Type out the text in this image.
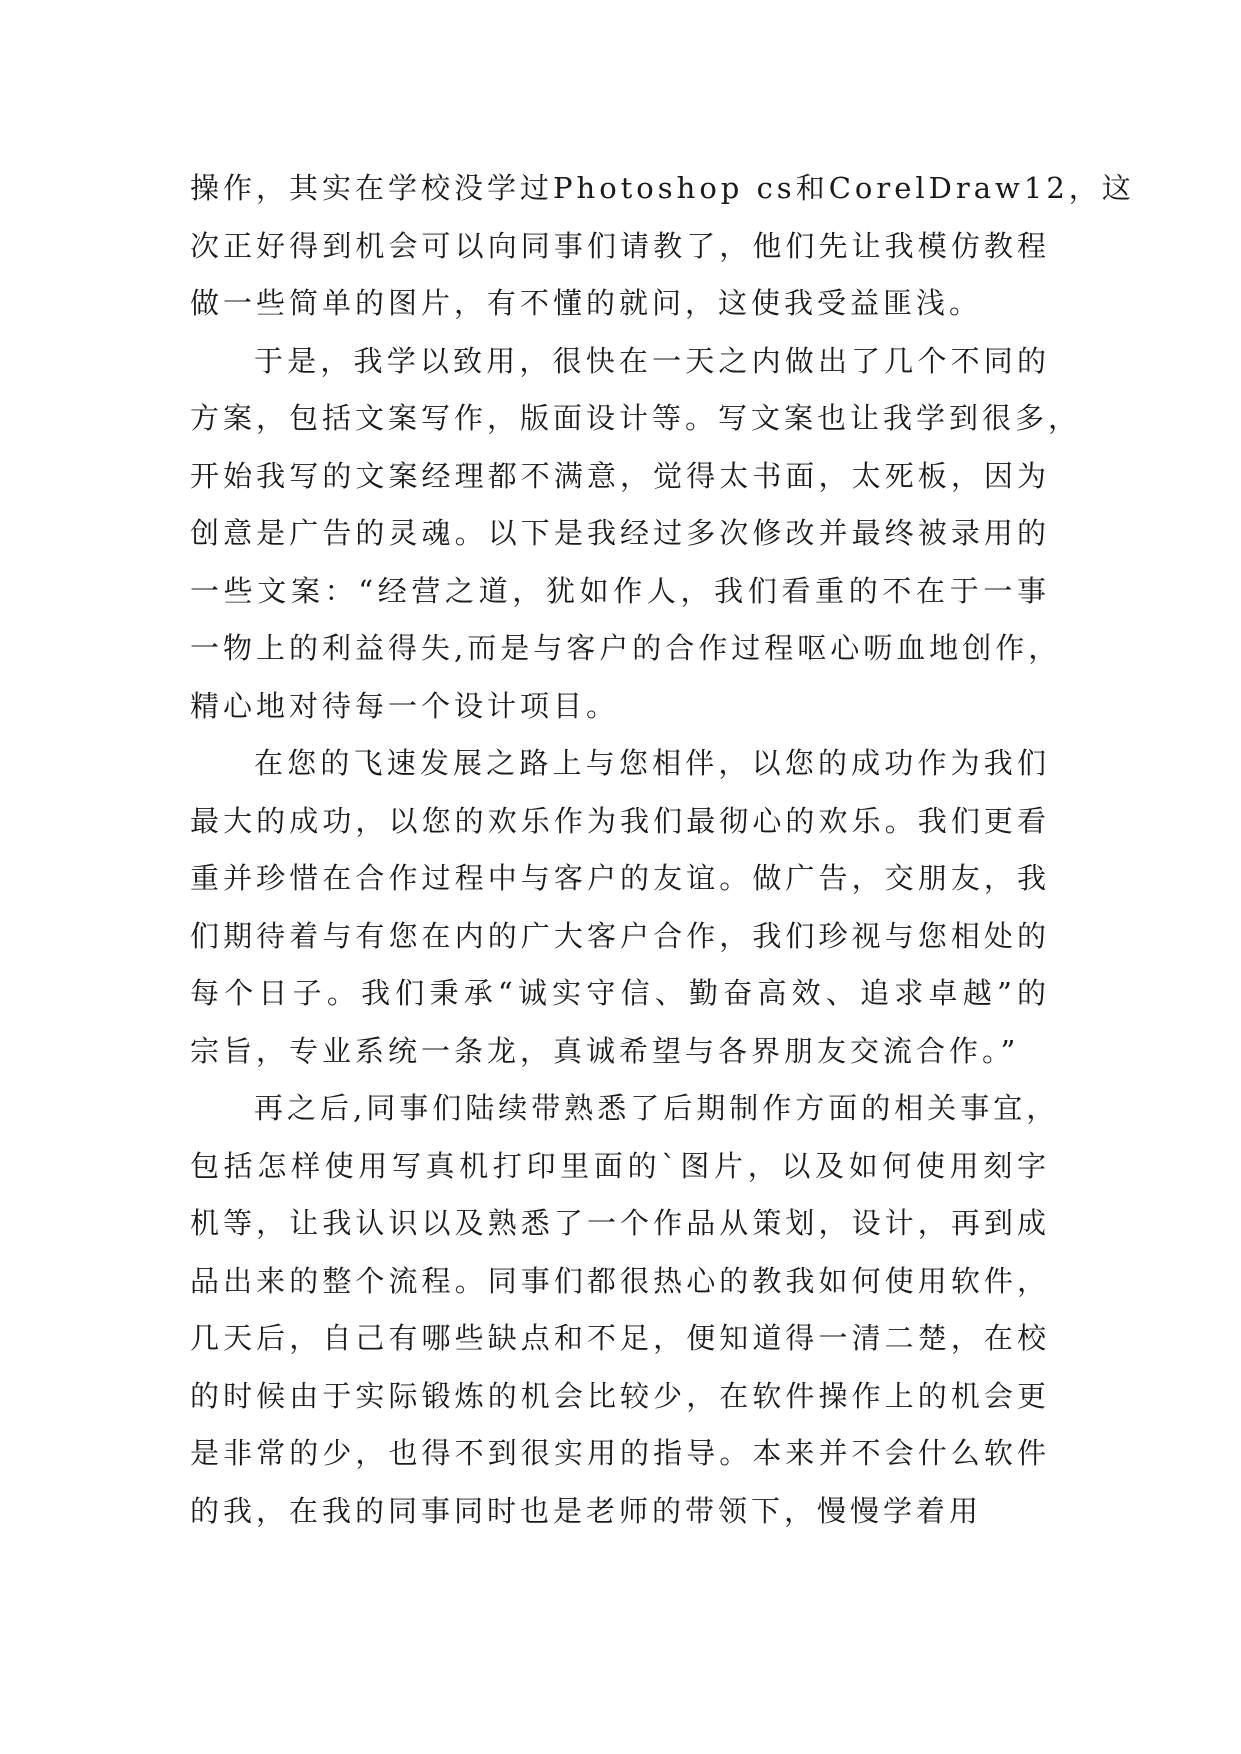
操作，其实在学校没学过Photoshop cs和CorelDraw12，这
次正好得到机会可以向同事们请教了，他们先让我模仿教程
做一些简单的图片，有不懂的就问，这使我受益匪浅。
于是，我学以致用，很快在一天之内做出了几个不同的
方案，包括文案写作，版面设计等。写文案也让我学到很多，
开始我写的文案经理都不满意，觉得太书面，太死板，因为
创意是广告的灵魂。以下是我经过多次修改并最终被录用的
一些文案：“经营之道，犹如作人，我们看重的不在于一事
一物上的利益得失,而是与客户的合作过程呕心呖血地创作，
精心地对待每一个设计项目。
在您的飞速发展之路上与您相伴，以您的成功作为我们
最大的成功，以您的欢乐作为我们最彻心的欢乐。我们更看
重并珍惜在合作过程中与客户的友谊。做广告，交朋友，我
们期待着与有您在内的广大客户合作，我们珍视与您相处的
每个日子。我们秉承“诚实守信、勤奋高效、追求卓越”的
宗旨，专业系统一条龙，真诚希望与各界朋友交流合作。”
再之后,同事们陆续带熟悉了后期制作方面的相关事宜，
包括怎样使用写真机打印里面的`图片，以及如何使用刻字
机等，让我认识以及熟悉了一个作品从策划，设计，再到成
品出来的整个流程。同事们都很热心的教我如何使用软件，
几天后，自己有哪些缺点和不足，便知道得一清二楚，在校
的时候由于实际锻炼的机会比较少，在软件操作上的机会更
是非常的少，也得不到很实用的指导。本来并不会什么软件
的我，在我的同事同时也是老师的带领下，慢慢学着用
